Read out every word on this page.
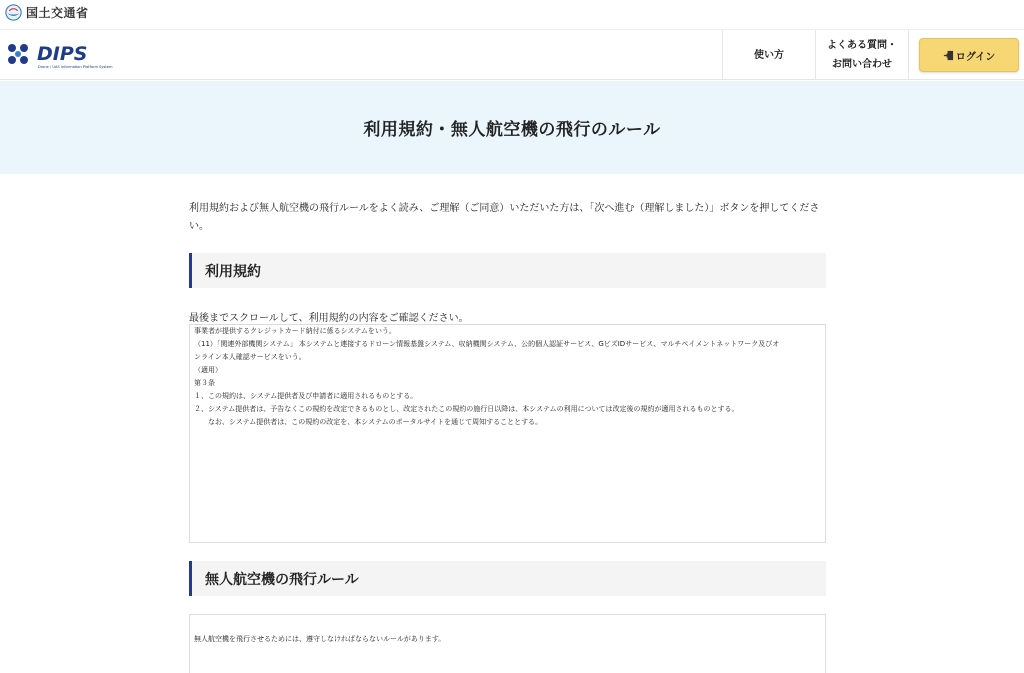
国土交通省
DIPS
Drone / UAS Information Platform System
使い方
よくある質問・
お問い合わせ
ログイン
利用規約・無人航空機の飛行のルール

利用規約および無人航空機の飛行ルールをよく読み、ご理解（ご同意）いただいた方は、「次へ進む（理解しました）」ボタンを押してください。

利用規約
最後までスクロールして、利用規約の内容をご確認ください。

事業者が提供するクレジットカード納付に係るシステムをいう。

（11）「関連外部機関システム」 本システムと連接するドローン情報基盤システム、収納機関システム、公的個人認証サービス、GビズIDサービス、マルチペイメントネットワーク及びオ

ンライン本人確認サービスをいう。

（適用）

第３条

１、この規約は、システム提供者及び申請者に適用されるものとする。

２、システム提供者は、予告なくこの規約を改定できるものとし、改定されたこの規約の施行日以降は、本システムの利用については改定後の規約が適用されるものとする。

　　なお、システム提供者は、この規約の改定を、本システムのポータルサイトを通じて周知することとする。

無人航空機の飛行ルール

無人航空機を飛行させるためには、遵守しなければならないルールがあります。
